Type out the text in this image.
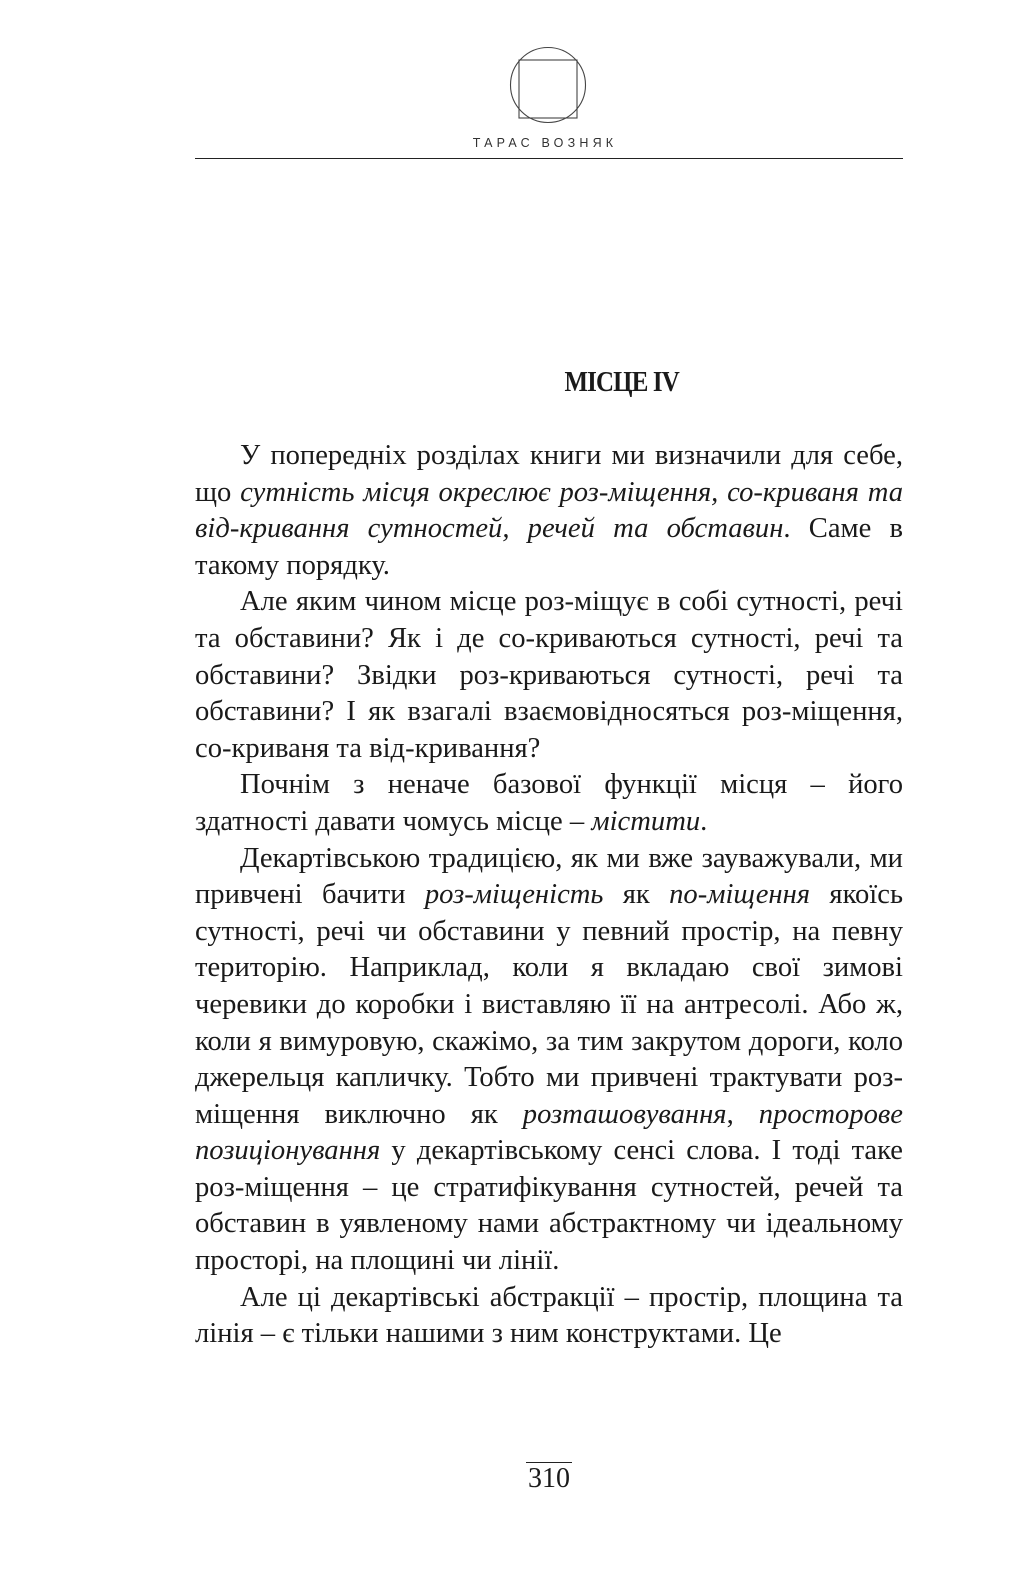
ТАРАС ВОЗНЯК
МІСЦЕ IV

У попередніх розділах книги ми визначили для себе, що сутність місця окреслює роз-міщення, со-криваня та від-кривання сутностей, речей та обставин. Саме в такому порядку.

Але яким чином місце роз-міщує в собі сутності, речі та обставини? Як і де со-криваються сутності, речі та обставини? Звідки роз-криваються сутності, речі та обставини? І як взагалі взаємовідносяться роз-міщення, со-криваня та від-кривання?

Почнім з неначе базової функції місця – його здатності давати чомусь місце – містити.

Декартівською традицією, як ми вже зауважували, ми привчені бачити роз-міщеність як по-міщення якоїсь сутності, речі чи обставини у певний простір, на певну територію. Наприклад, коли я вкладаю свої зимові черевики до коробки і виставляю її на антресолі. Або ж, коли я вимуровую, скажімо, за тим закрутом дороги, коло джерельця капличку. Тобто ми привчені трактувати роз-міщення виключно як розташовування, просторове позиціонування у декартівському сенсі слова. І тоді таке роз-міщення – це стратифікування сутностей, речей та обставин в уявленому нами абстрактному чи ідеальному просторі, на площині чи лінії.

Але ці декартівські абстракції – простір, площина та лінія – є тільки нашими з ним конструктами. Це

310
